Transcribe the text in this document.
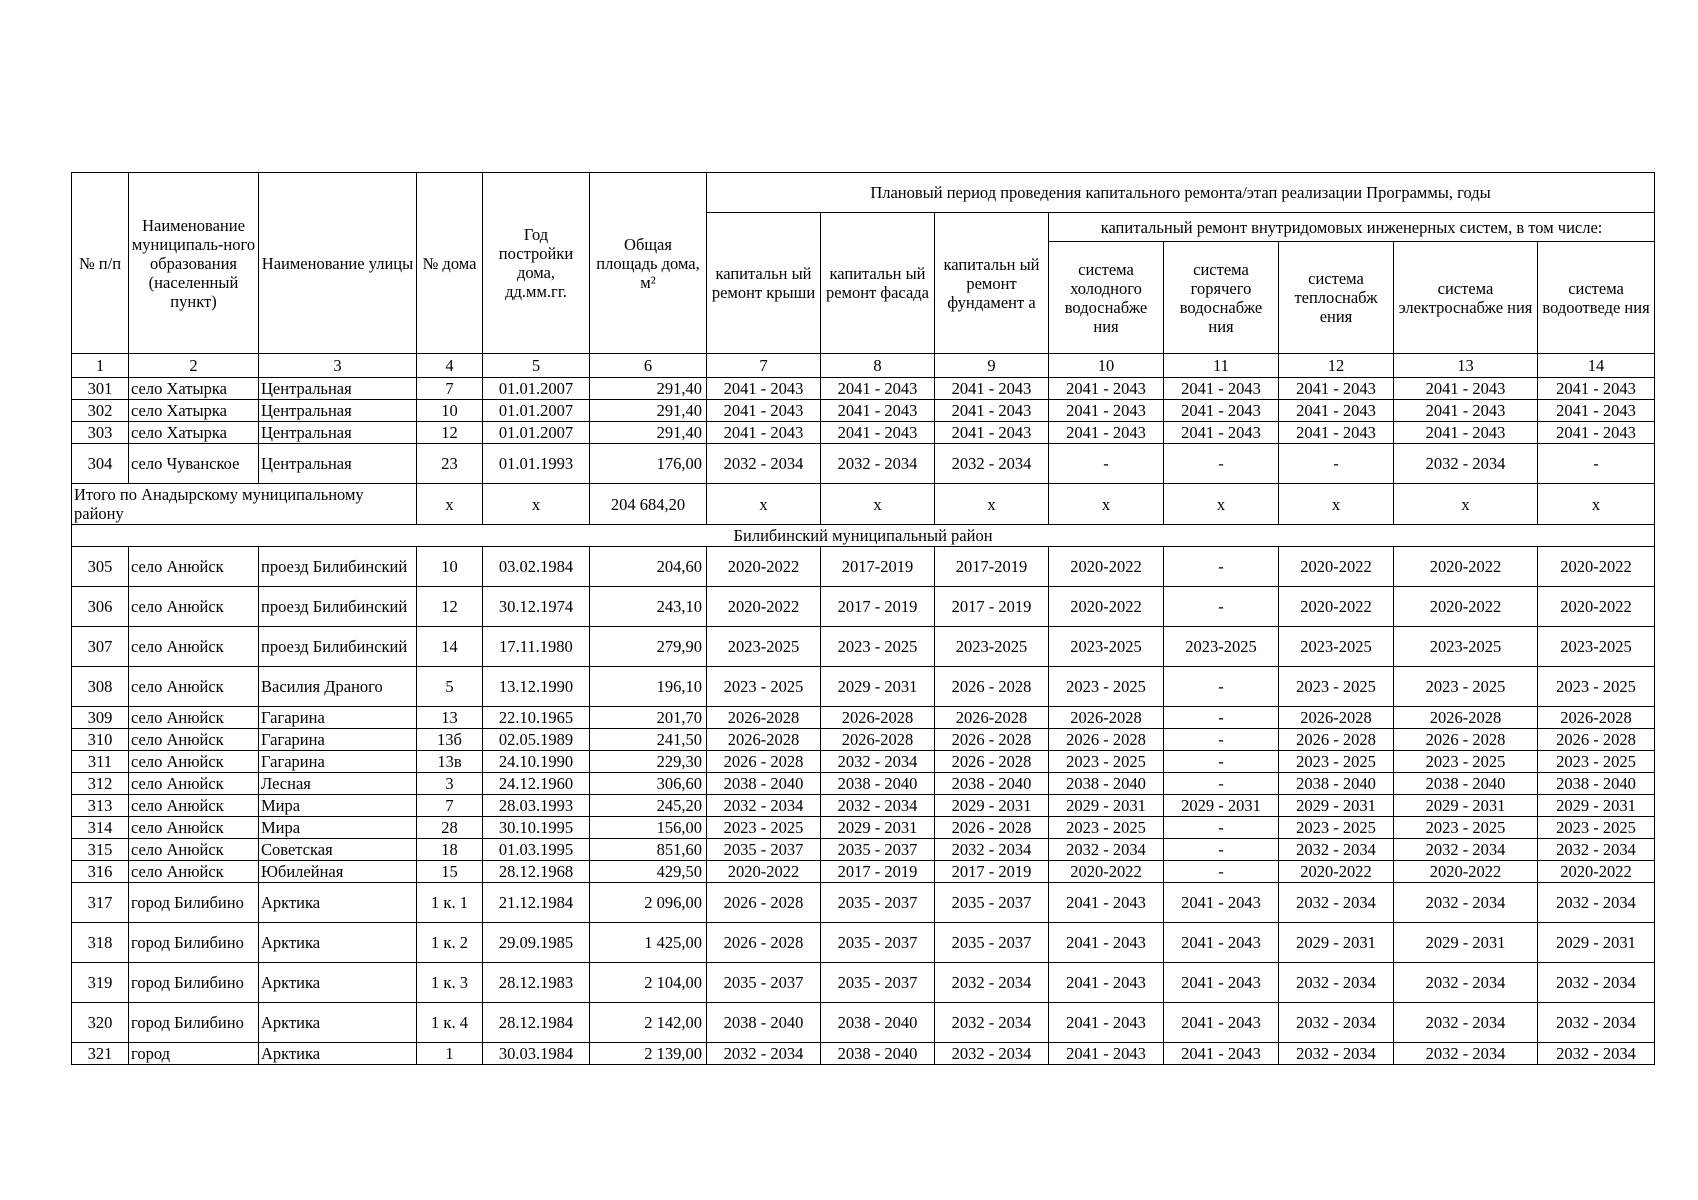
№ п/п	Наименование муниципаль-ного образования (населенный пункт)	Наименование улицы	№ дома	Год постройки дома, дд.мм.гг.	Общая площадь дома, м²	Плановый период проведения капитального ремонта/этап реализации Программы, годы							
						капитальн ый ремонт крыши	капитальн ый ремонт фасада	капитальн ый ремонт фундамент а	капитальный ремонт внутридомовых инженерных систем, в том числе:				
									система холодного водоснабже ния	система горячего водоснабже ния	система теплоснабж ения	система электроснабже ния	система водоотведе ния
1	2	3	4	5	6	7	8	9	10	11	12	13	14
301	село Хатырка	Центральная	7	01.01.2007	291,40	2041 - 2043	2041 - 2043	2041 - 2043	2041 - 2043	2041 - 2043	2041 - 2043	2041 - 2043	2041 - 2043
302	село Хатырка	Центральная	10	01.01.2007	291,40	2041 - 2043	2041 - 2043	2041 - 2043	2041 - 2043	2041 - 2043	2041 - 2043	2041 - 2043	2041 - 2043
303	село Хатырка	Центральная	12	01.01.2007	291,40	2041 - 2043	2041 - 2043	2041 - 2043	2041 - 2043	2041 - 2043	2041 - 2043	2041 - 2043	2041 - 2043
304	село Чуванское	Центральная	23	01.01.1993	176,00	2032 - 2034	2032 - 2034	2032 - 2034	-	-	-	2032 - 2034	-
Итого по Анадырскому муниципальному району			x	x	204 684,20	x	x	x	x	x	x	x	x
Билибинский муниципальный район													
305	село Анюйск	проезд Билибинский	10	03.02.1984	204,60	2020-2022	2017-2019	2017-2019	2020-2022	-	2020-2022	2020-2022	2020-2022
306	село Анюйск	проезд Билибинский	12	30.12.1974	243,10	2020-2022	2017 - 2019	2017 - 2019	2020-2022	-	2020-2022	2020-2022	2020-2022
307	село Анюйск	проезд Билибинский	14	17.11.1980	279,90	2023-2025	2023 - 2025	2023-2025	2023-2025	2023-2025	2023-2025	2023-2025	2023-2025
308	село Анюйск	Василия Драного	5	13.12.1990	196,10	2023 - 2025	2029 - 2031	2026 - 2028	2023 - 2025	-	2023 - 2025	2023 - 2025	2023 - 2025
309	село Анюйск	Гагарина	13	22.10.1965	201,70	2026-2028	2026-2028	2026-2028	2026-2028	-	2026-2028	2026-2028	2026-2028
310	село Анюйск	Гагарина	13б	02.05.1989	241,50	2026-2028	2026-2028	2026 - 2028	2026 - 2028	-	2026 - 2028	2026 - 2028	2026 - 2028
311	село Анюйск	Гагарина	13в	24.10.1990	229,30	2026 - 2028	2032 - 2034	2026 - 2028	2023 - 2025	-	2023 - 2025	2023 - 2025	2023 - 2025
312	село Анюйск	Лесная	3	24.12.1960	306,60	2038 - 2040	2038 - 2040	2038 - 2040	2038 - 2040	-	2038 - 2040	2038 - 2040	2038 - 2040
313	село Анюйск	Мира	7	28.03.1993	245,20	2032 - 2034	2032 - 2034	2029 - 2031	2029 - 2031	2029 - 2031	2029 - 2031	2029 - 2031	2029 - 2031
314	село Анюйск	Мира	28	30.10.1995	156,00	2023 - 2025	2029 - 2031	2026 - 2028	2023 - 2025	-	2023 - 2025	2023 - 2025	2023 - 2025
315	село Анюйск	Советская	18	01.03.1995	851,60	2035 - 2037	2035 - 2037	2032 - 2034	2032 - 2034	-	2032 - 2034	2032 - 2034	2032 - 2034
316	село Анюйск	Юбилейная	15	28.12.1968	429,50	2020-2022	2017 - 2019	2017 - 2019	2020-2022	-	2020-2022	2020-2022	2020-2022
317	город Билибино	Арктика	1 к. 1	21.12.1984	2 096,00	2026 - 2028	2035 - 2037	2035 - 2037	2041 - 2043	2041 - 2043	2032 - 2034	2032 - 2034	2032 - 2034
318	город Билибино	Арктика	1 к. 2	29.09.1985	1 425,00	2026 - 2028	2035 - 2037	2035 - 2037	2041 - 2043	2041 - 2043	2029 - 2031	2029 - 2031	2029 - 2031
319	город Билибино	Арктика	1 к. 3	28.12.1983	2 104,00	2035 - 2037	2035 - 2037	2032 - 2034	2041 - 2043	2041 - 2043	2032 - 2034	2032 - 2034	2032 - 2034
320	город Билибино	Арктика	1 к. 4	28.12.1984	2 142,00	2038 - 2040	2038 - 2040	2032 - 2034	2041 - 2043	2041 - 2043	2032 - 2034	2032 - 2034	2032 - 2034
321	город	Арктика	1	30.03.1984	2 139,00	2032 - 2034	2038 - 2040	2032 - 2034	2041 - 2043	2041 - 2043	2032 - 2034	2032 - 2034	2032 - 2034
